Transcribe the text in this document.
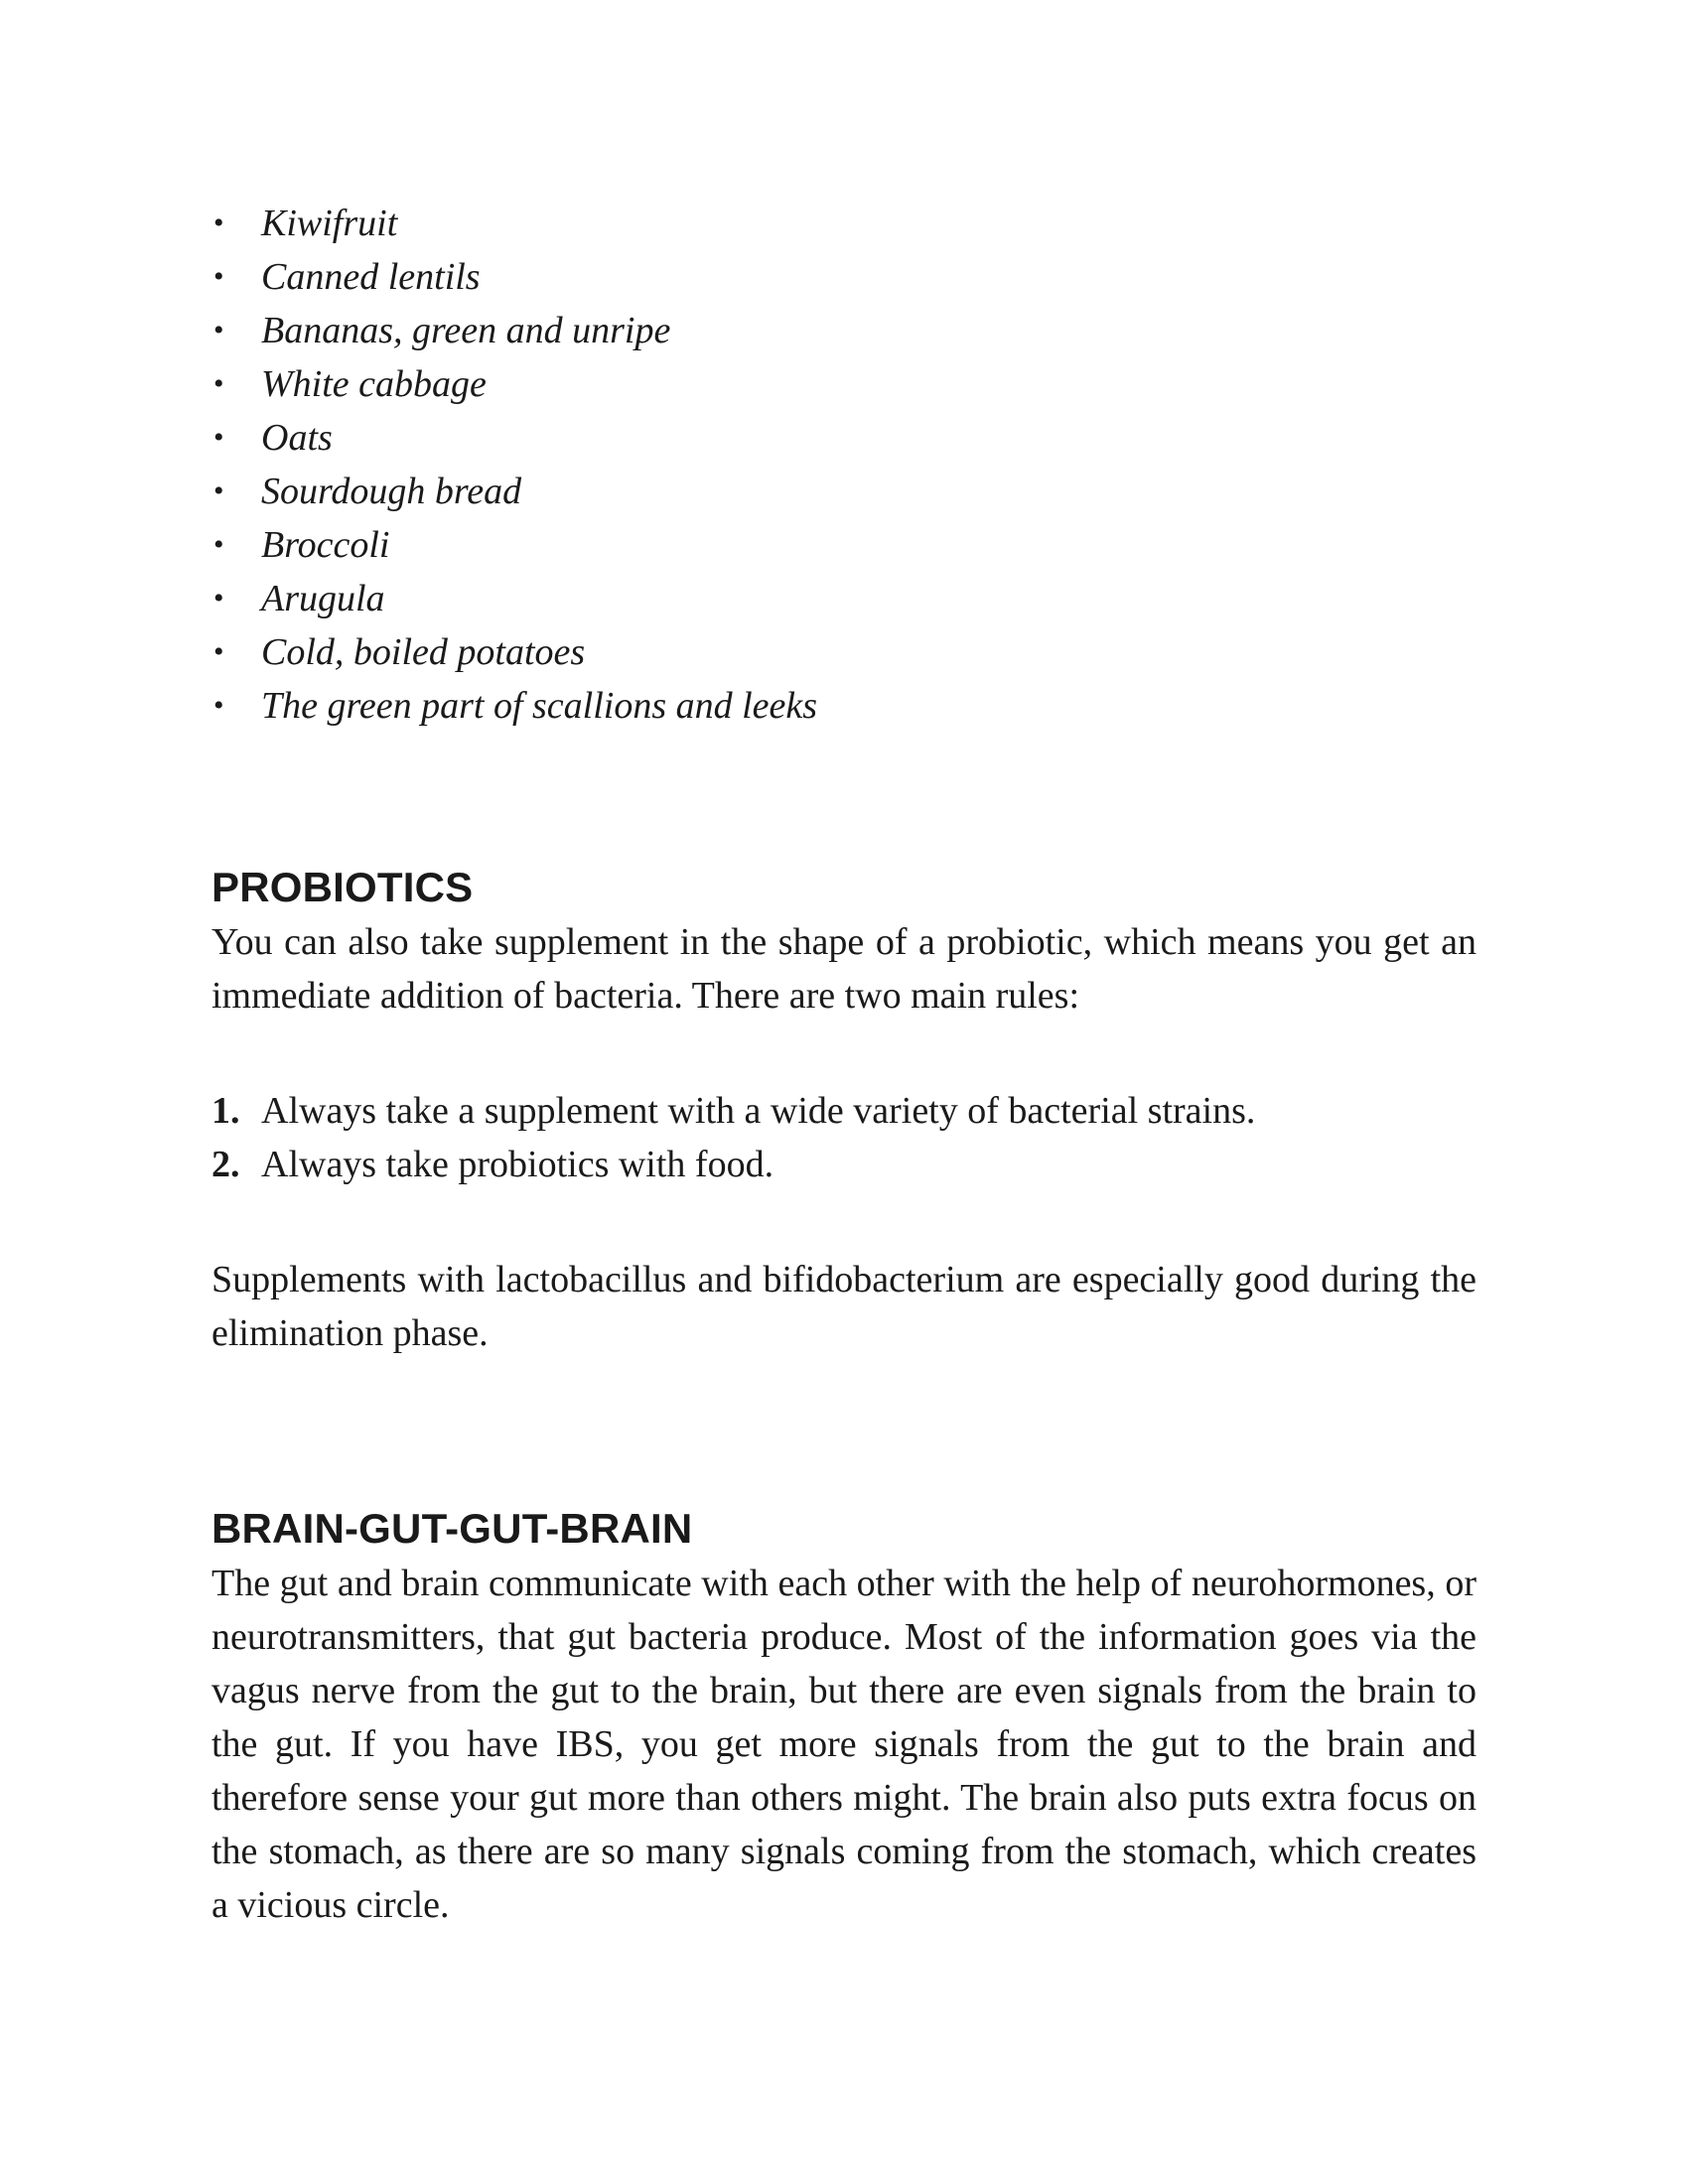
• Kiwifruit
• Canned lentils
• Bananas, green and unripe
• White cabbage
• Oats
• Sourdough bread
• Broccoli
• Arugula
• Cold, boiled potatoes
• The green part of scallions and leeks
PROBIOTICS

You can also take supplement in the shape of a probiotic, which means you get an immediate addition of bacteria. There are two main rules:

1. Always take a supplement with a wide variety of bacterial strains.
2. Always take probiotics with food.

Supplements with lactobacillus and bifidobacterium are especially good during the elimination phase.

BRAIN-GUT-GUT-BRAIN

The gut and brain communicate with each other with the help of neurohormones, or neurotransmitters, that gut bacteria produce. Most of the information goes via the vagus nerve from the gut to the brain, but there are even signals from the brain to the gut. If you have IBS, you get more signals from the gut to the brain and therefore sense your gut more than others might. The brain also puts extra focus on the stomach, as there are so many signals coming from the stomach, which creates a vicious circle.
